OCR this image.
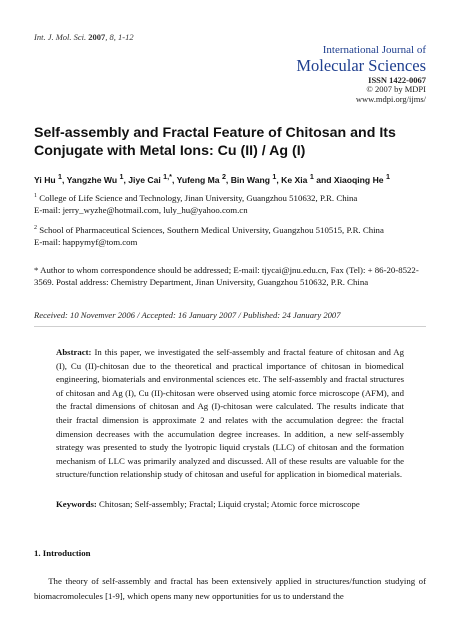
Int. J. Mol. Sci. 2007, 8, 1-12
International Journal of
Molecular Sciences
ISSN 1422-0067
© 2007 by MDPI
www.mdpi.org/ijms/
Self-assembly and Fractal Feature of Chitosan and Its Conjugate with Metal Ions: Cu (II) / Ag (I)
Yi Hu $^1$, Yangzhe Wu $^1$, Jiye Cai $^{1,*}$, Yufeng Ma $^2$, Bin Wang $^1$, Ke Xia $^1$ and Xiaoqing He $^1$
$^1$ College of Life Science and Technology, Jinan University, Guangzhou 510632, P.R. China
E-mail: jerry_wyzhe@hotmail.com, luly_hu@yahoo.com.cn
$^2$ School of Pharmaceutical Sciences, Southern Medical University, Guangzhou 510515, P.R. China
E-mail: happymyf@tom.com
* Author to whom correspondence should be addressed; E-mail: tjycai@jnu.edu.cn, Fax (Tel): + 86-20-8522-3569. Postal address: Chemistry Department, Jinan University, Guangzhou 510632, P.R. China
Received: 10 Novemver 2006 / Accepted: 16 January 2007 / Published: 24 January 2007
Abstract: In this paper, we investigated the self-assembly and fractal feature of chitosan and Ag (I), Cu (II)-chitosan due to the theoretical and practical importance of chitosan in biomedical engineering, biomaterials and environmental sciences etc. The self-assembly and fractal structures of chitosan and Ag (I), Cu (II)-chitosan were observed using atomic force microscope (AFM), and the fractal dimensions of chitosan and Ag (I)-chitosan were calculated. The results indicate that their fractal dimension is approximate 2 and relates with the accumulation degree: the fractal dimension decreases with the accumulation degree increases. In addition, a new self-assembly strategy was presented to study the lyotropic liquid crystals (LLC) of chitosan and the formation mechanism of LLC was primarily analyzed and discussed. All of these results are valuable for the structure/function relationship study of chitosan and useful for application in biomedical materials.
Keywords: Chitosan; Self-assembly; Fractal; Liquid crystal; Atomic force microscope
1. Introduction
The theory of self-assembly and fractal has been extensively applied in structures/function studying of biomacromolecules [1-9], which opens many new opportunities for us to understand the
